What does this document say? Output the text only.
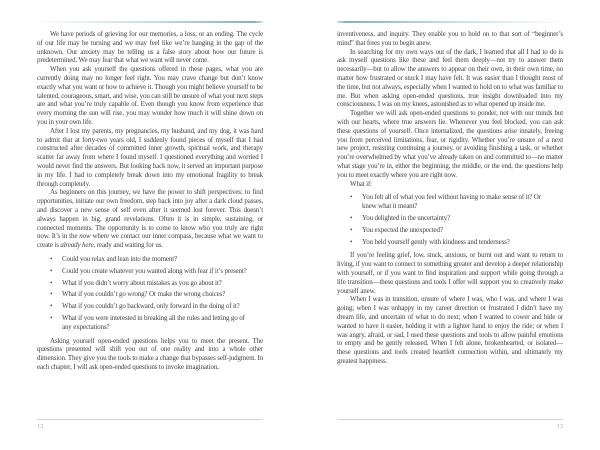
We have periods of grieving for our memories, a loss, or an ending. The cycle of our life may be turning and we may feel like we’re hanging in the gap of the unknown. Our anxiety may be telling us a false story about how our future is predetermined. We may fear that what we want will never come.

When you ask yourself the questions offered in these pages, what you are currently doing may no longer feel right. You may crave change but don’t know exactly what you want or how to achieve it. Though you might believe yourself to be talented, courageous, smart, and wise, you can still be unsure of what your next steps are and what you’re truly capable of. Even though you know from experience that every morning the sun will rise, you may wonder how much it will shine down on you in your own life.

After I lost my parents, my pregnancies, my husband, and my dog, it was hard to admit that at forty-two years old, I suddenly found pieces of myself that I had constructed after decades of committed inner growth, spiritual work, and therapy scatter far away from where I found myself. I questioned everything and worried I would never find the answers. But looking back now, it served an important purpose in my life. I had to completely break down into my emotional fragility to break through completely.

As beginners on this journey, we have the power to shift perspectives: to find opportunities, initiate our own freedom, step back into joy after a dark cloud passes, and discover a new sense of self even after it seemed lost forever. This doesn’t always happen in big, grand revelations. Often it is in simple, sustaining, or connected moments. The opportunity is to come to know who you truly are right now. It’s in the now where we contact our inner compass, because what we want to create is already here, ready and waiting for us.

• Could you relax and lean into the moment?
• Could you create whatever you wanted along with fear if it’s present?
• What if you didn’t worry about mistakes as you go about it?
• What if you couldn’t go wrong? Or make the wrong choices?
• What if you couldn’t go backward, only forward in the doing of it?
• What if you were interested in breaking all the rules and letting go of any expectations?

Asking yourself open-ended questions helps you to meet the present. The questions presented will shift you out of one reality and into a whole other dimension. They give you the tools to make a change that bypasses self-judgment. In each chapter, I will ask open-ended questions to invoke imagination,

12

inventiveness, and inquiry. They enable you to hold on to that sort of “beginner’s mind” that frees you to begin anew.

In searching for my own ways out of the dark, I learned that all I had to do is ask myself questions like these and feel them deeply—not try to answer them necessarily—but to allow the answers to appear on their own, in their own time, no matter how frustrated or stuck I may have felt. It was easier than I thought most of the time, but not always, especially when I wanted to hold on to what was familiar to me. But when asking open-ended questions, true insight downloaded into my consciousness. I was on my knees, astonished as to what opened up inside me.

Together we will ask open-ended questions to ponder, not with our minds but with our hearts, where true answers lie. Whenever you feel blocked, you can ask these questions of yourself. Once internalized, the questions arise innately, freeing you from perceived limitations, fear, or rigidity. Whether you’re unsure of a next new project, resisting continuing a journey, or avoiding finishing a task, or whether you’re overwhelmed by what you’ve already taken on and committed to—no matter what stage you’re in, either the beginning, the middle, or the end, the questions help you to meet exactly where you are right now.

What if:

• You felt all of what you feel without having to make sense of it? Or knew what it meant?
• You delighted in the uncertainty?
• You expected the unexpected?
• You held yourself gently with kindness and tenderness?

If you’re feeling grief, low, stuck, anxious, or burnt out and want to return to living, if you want to connect to something greater and develop a deeper relationship with yourself, or if you want to find inspiration and support while going through a life transition—these questions and tools I offer will support you to creatively make yourself anew.

When I was in transition, unsure of where I was, who I was, and where I was going; when I was unhappy in my career direction or frustrated I didn’t have my dream life, and uncertain of what to do next; when I wanted to cower and hide or wanted to have it easier, holding it with a lighter hand to enjoy the ride; or when I was angry, afraid, or sad, I used these questions and tools to allow painful emotions to empty and be gently released. When I felt alone, brokenhearted, or isolated—these questions and tools created heartfelt connection within, and ultimately my greatest happiness.

13
